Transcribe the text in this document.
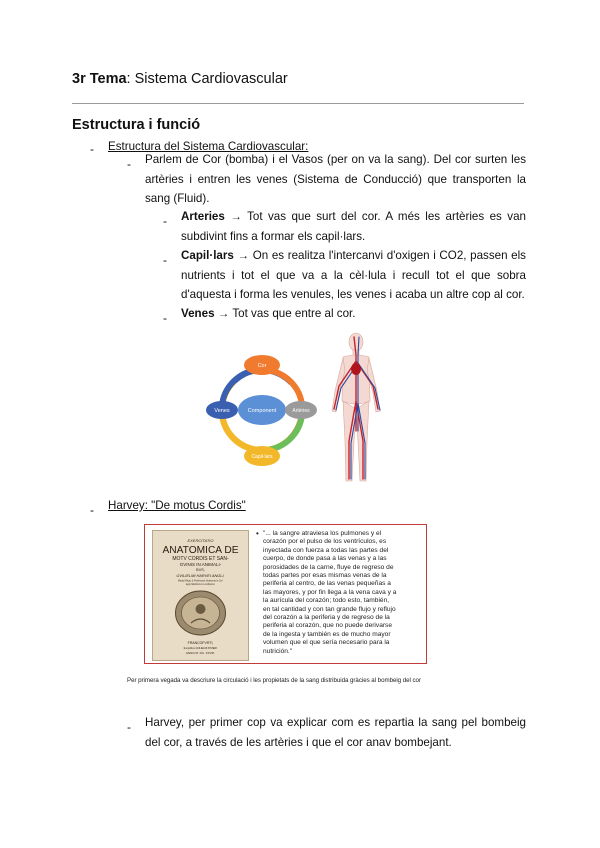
3r Tema: Sistema Cardiovascular
Estructura i funció
- Estructura del Sistema Cardiovascular:
- Parlem de Cor (bomba) i el Vasos (per on va la sang). Del cor surten les artèries i entren les venes (Sistema de Conducció) que transporten la sang (Fluid).
- Arteries → Tot vas que surt del cor. A més les artèries es van subdivint fins a formar els capil·lars.
- Capil·lars → On es realitza l'intercanvi d'oxigen i CO2, passen els nutrients i tot el que va a la cèl·lula i recull tot el que sobra d'aquesta i forma les venules, les venes i acaba un altre cop al cor.
- Venes → Tot vas que entre al cor.
Component
Cor
Artèries
Capil·lars
Venes
- Harvey: "De motus Cordis"
EXERCITATIO
ANATOMICA DE
MOTV CORDIS ET SAN-
GVINIS IN ANIMALI-
BVS,
GVILIELMI HARVEI ANGLI,
Medici Regii, & Professoris Anatomia in Col-
legio Medicorum Londinensi.
FRANCOFVRTI,
Sumptibus GVILIELMI FITZERI.
ANNO M. DC. XXVIII.
• "... la sangre atraviesa los pulmones y el
corazón por el pulso de los ventrículos, es
inyectada con fuerza a todas las partes del
cuerpo, de donde pasa a las venas y a las
porosidades de la carne, fluye de regreso de
todas partes por esas mismas venas de la
periferia al centro, de las venas pequeñas a
las mayores, y por fin llega a la vena cava y a
la aurícula del corazón; todo esto, también,
en tal cantidad y con tan grande flujo y reflujo
del corazón a la periferia y de regreso de la
periferia al corazón, que no puede derivarse
de la ingesta y también es de mucho mayor
volumen que el que sería necesario para la
nutrición."
Per primera vegada va descriure la circulació i les propietats de la sang distribuida gràcies al bombeig del cor
- Harvey, per primer cop va explicar com es repartia la sang pel bombeig del cor, a través de les artèries i que el cor anav bombejant.
